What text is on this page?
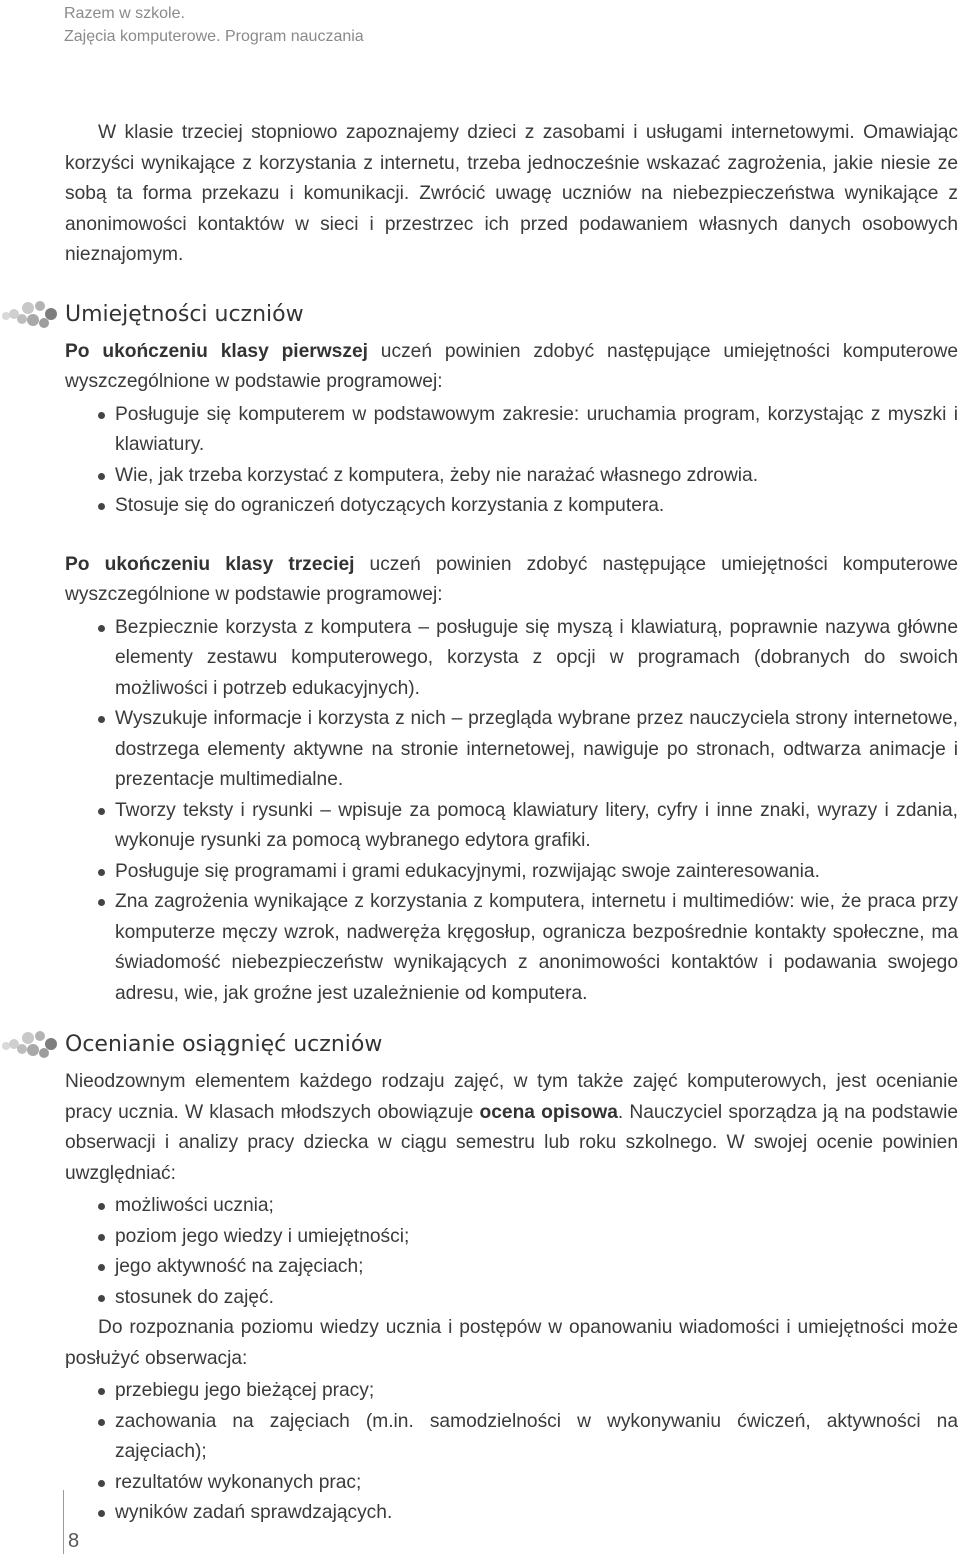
Razem w szkole.
Zajęcia komputerowe. Program nauczania

W klasie trzeciej stopniowo zapoznajemy dzieci z zasobami i usługami internetowymi. Omawiając korzyści wynikające z korzystania z internetu, trzeba jednocześnie wskazać zagrożenia, jakie niesie ze sobą ta forma przekazu i komunikacji. Zwrócić uwagę uczniów na niebezpieczeństwa wynikające z anonimowości kontaktów w sieci i przestrzec ich przed podawaniem własnych danych osobowych nieznajomym.

Umiejętności uczniów

Po ukończeniu klasy pierwszej uczeń powinien zdobyć następujące umiejętności komputerowe wyszczególnione w podstawie programowej:

Posługuje się komputerem w podstawowym zakresie: uruchamia program, korzystając z myszki i klawiatury.
Wie, jak trzeba korzystać z komputera, żeby nie narażać własnego zdrowia.
Stosuje się do ograniczeń dotyczących korzystania z komputera.

Po ukończeniu klasy trzeciej uczeń powinien zdobyć następujące umiejętności komputerowe wyszczególnione w podstawie programowej:

Bezpiecznie korzysta z komputera – posługuje się myszą i klawiaturą, poprawnie nazywa główne elementy zestawu komputerowego, korzysta z opcji w programach (dobranych do swoich możliwości i potrzeb edukacyjnych).
Wyszukuje informacje i korzysta z nich – przegląda wybrane przez nauczyciela strony internetowe, dostrzega elementy aktywne na stronie internetowej, nawiguje po stronach, odtwarza animacje i prezentacje multimedialne.
Tworzy teksty i rysunki – wpisuje za pomocą klawiatury litery, cyfry i inne znaki, wyrazy i zdania, wykonuje rysunki za pomocą wybranego edytora grafiki.
Posługuje się programami i grami edukacyjnymi, rozwijając swoje zainteresowania.
Zna zagrożenia wynikające z korzystania z komputera, internetu i multimediów: wie, że praca przy komputerze męczy wzrok, nadweręża kręgosłup, ogranicza bezpośrednie kontakty społeczne, ma świadomość niebezpieczeństw wynikających z anonimowości kontaktów i podawania swojego adresu, wie, jak groźne jest uzależnienie od komputera.
Ocenianie osiągnięć uczniów

Nieodzownym elementem każdego rodzaju zajęć, w tym także zajęć komputerowych, jest ocenianie pracy ucznia. W klasach młodszych obowiązuje ocena opisowa. Nauczyciel sporządza ją na podstawie obserwacji i analizy pracy dziecka w ciągu semestru lub roku szkolnego. W swojej ocenie powinien uwzględniać:

możliwości ucznia;
poziom jego wiedzy i umiejętności;
jego aktywność na zajęciach;
stosunek do zajęć.

Do rozpoznania poziomu wiedzy ucznia i postępów w opanowaniu wiadomości i umiejętności może posłużyć obserwacja:

przebiegu jego bieżącej pracy;
zachowania na zajęciach (m.in. samodzielności w wykonywaniu ćwiczeń, aktywności na zajęciach);
rezultatów wykonanych prac;
wyników zadań sprawdzających.
8
